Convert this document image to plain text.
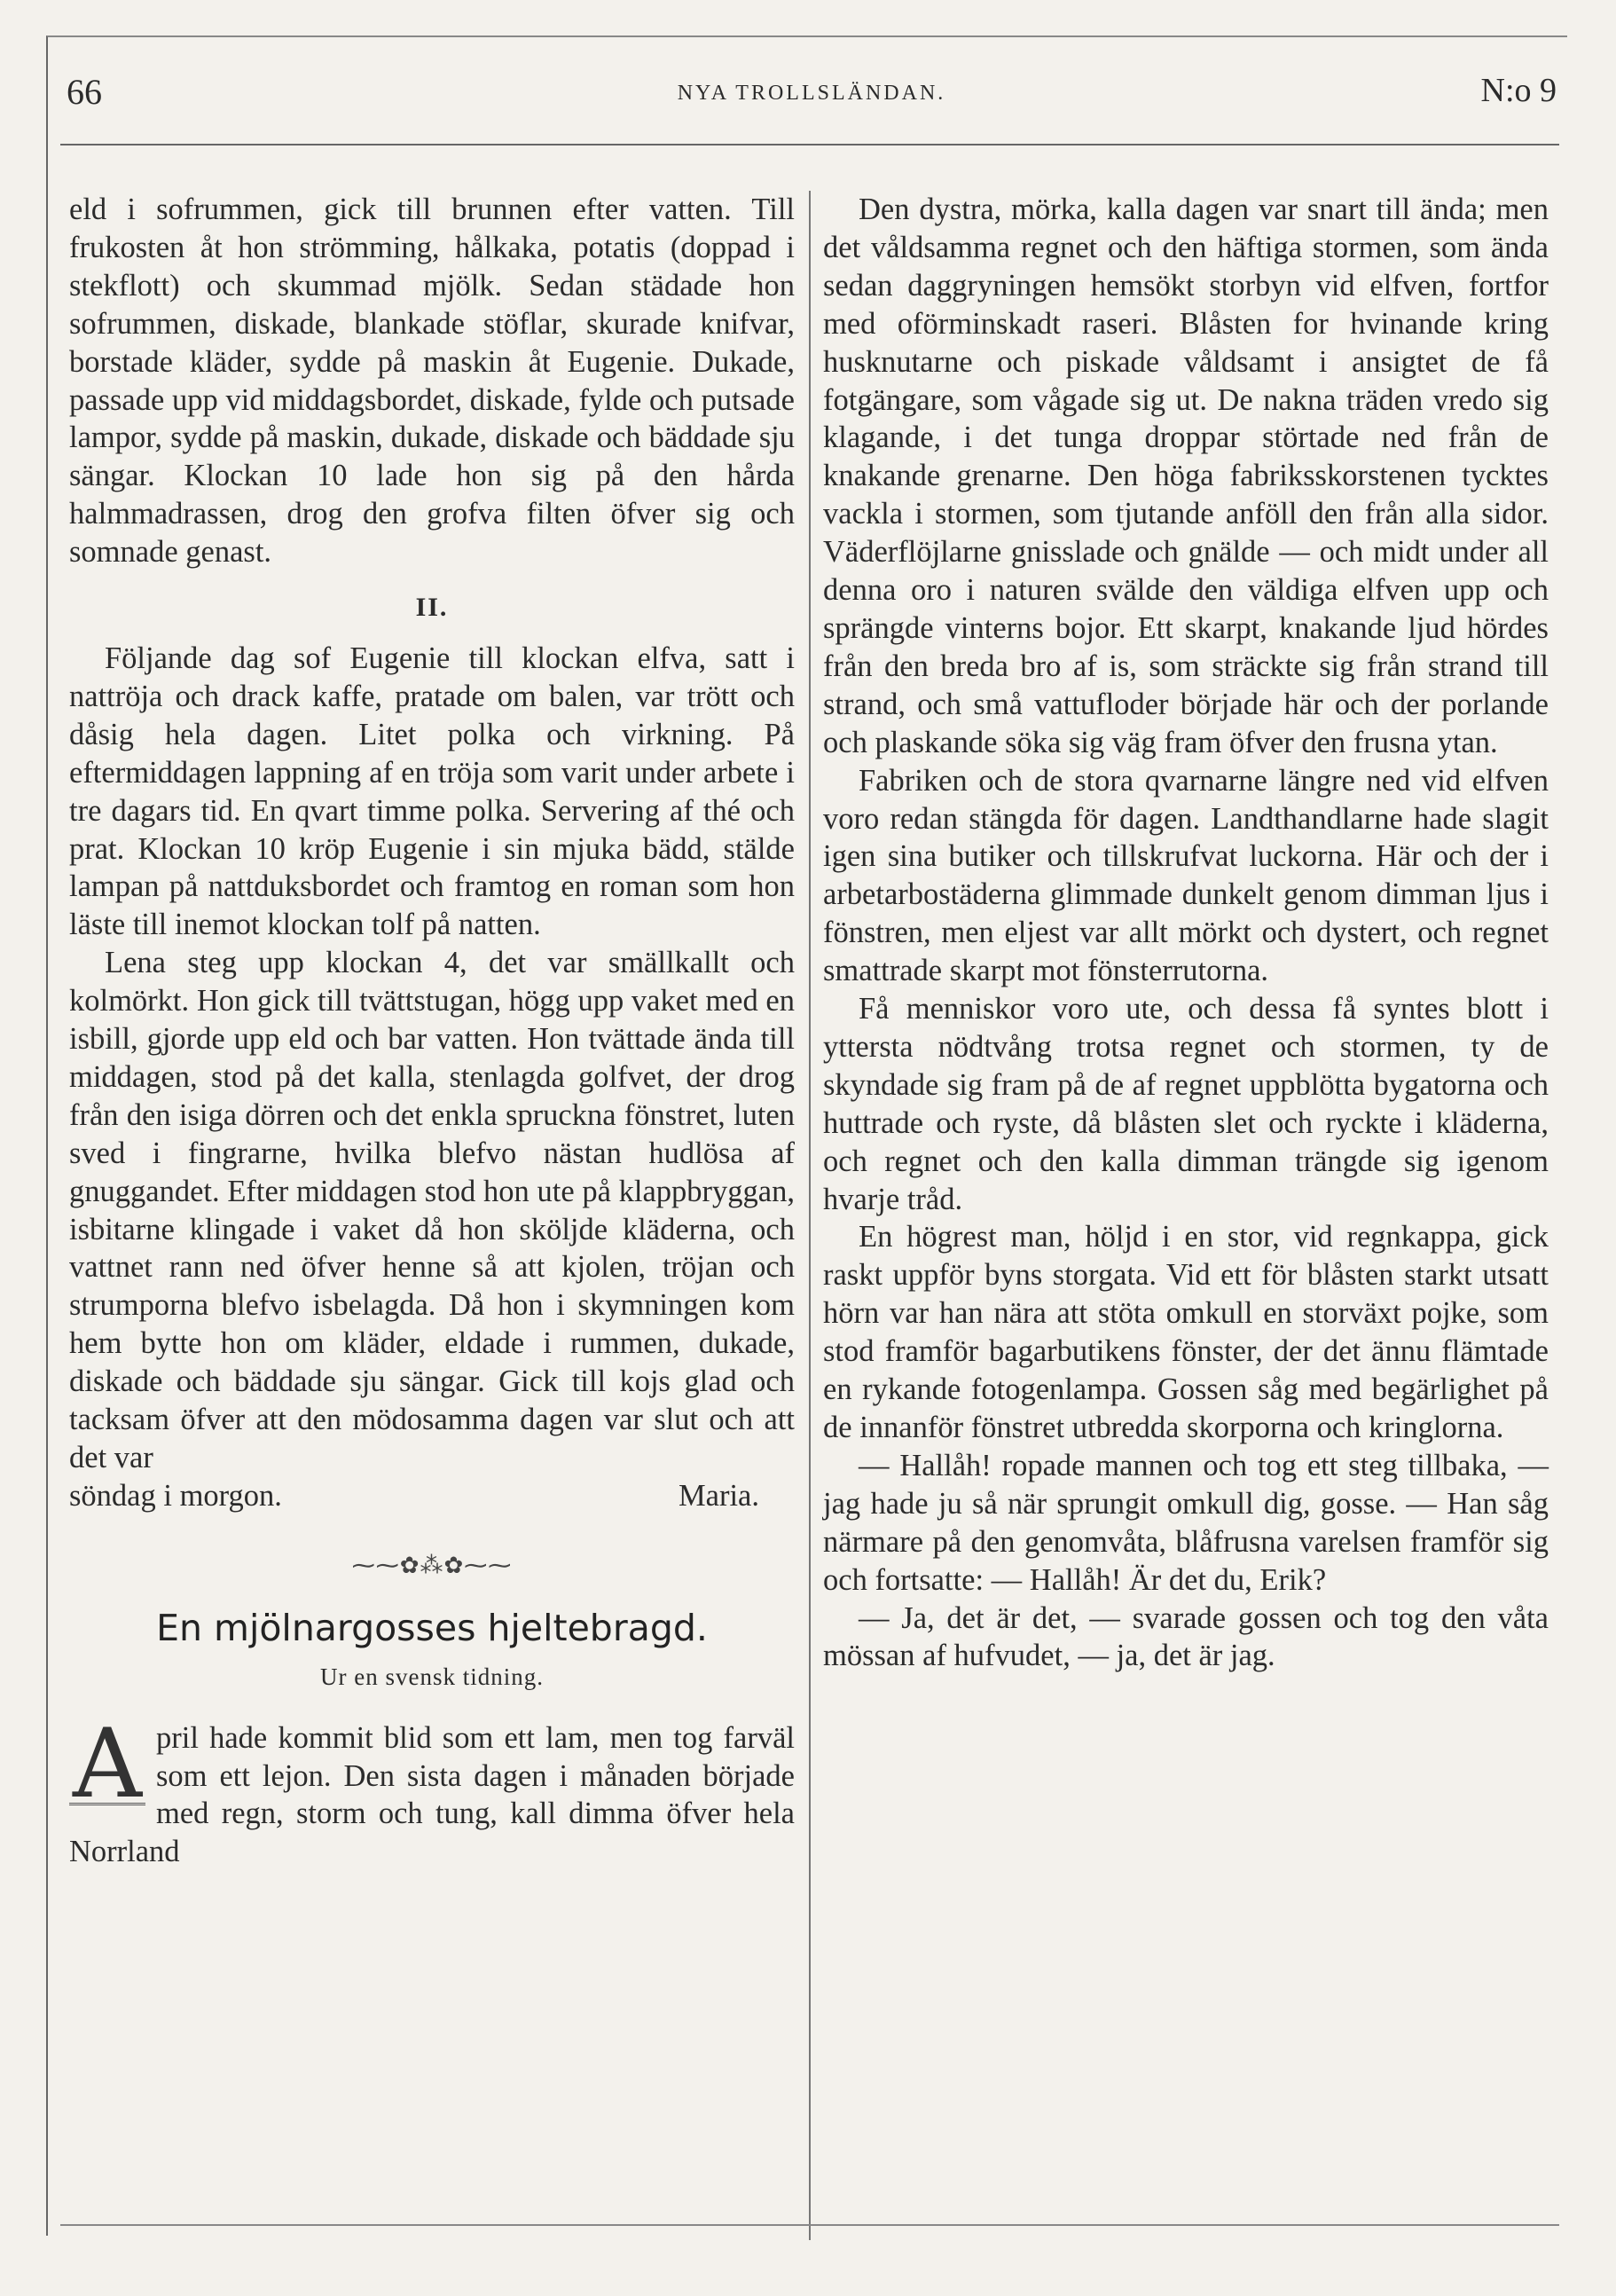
66	NYA TROLLSLÄNDAN.	N:o 9

eld i sofrummen, gick till brunnen efter vatten. Till frukosten åt hon strömming, hålkaka, potatis (doppad i stekflott) och skummad mjölk. Sedan städade hon sofrummen, diskade, blankade stöflar, skurade knifvar, borstade kläder, sydde på maskin åt Eugenie. Dukade, passade upp vid middagsbordet, diskade, fylde och putsade lampor, sydde på maskin, dukade, diskade och bäddade sju sängar. Klockan 10 lade hon sig på den hårda halmmadrassen, drog den grofva filten öfver sig och somnade genast.

II.

Följande dag sof Eugenie till klockan elfva, satt i nattröja och drack kaffe, pratade om balen, var trött och dåsig hela dagen. Litet polka och virkning. På eftermiddagen lappning af en tröja som varit under arbete i tre dagars tid. En qvart timme polka. Servering af thé och prat. Klockan 10 kröp Eugenie i sin mjuka bädd, stälde lampan på nattduksbordet och framtog en roman som hon läste till inemot klockan tolf på natten.

Lena steg upp klockan 4, det var smällkallt och kolmörkt. Hon gick till tvättstugan, högg upp vaket med en isbill, gjorde upp eld och bar vatten. Hon tvättade ända till middagen, stod på det kalla, stenlagda golfvet, der drog från den isiga dörren och det enkla spruckna fönstret, luten sved i fingrarne, hvilka blefvo nästan hudlösa af gnuggandet. Efter middagen stod hon ute på klappbryggan, isbitarne klingade i vaket då hon sköljde kläderna, och vattnet rann ned öfver henne så att kjolen, tröjan och strumporna blefvo isbelagda. Då hon i skymningen kom hem bytte hon om kläder, eldade i rummen, dukade, diskade och bäddade sju sängar. Gick till kojs glad och tacksam öfver att den mödosamma dagen var slut och att det var

söndag i morgon.	Maria.
⁓⁓✿⁂✿⁓⁓
En mjölnargosses hjeltebragd.
Ur en svensk tidning.
A pril hade kommit blid som ett lam, men tog farväl som ett lejon. Den sista dagen i månaden började med regn, storm och tung, kall dimma öfver hela Norrland

Den dystra, mörka, kalla dagen var snart till ända; men det våldsamma regnet och den häftiga stormen, som ända sedan daggryningen hemsökt storbyn vid elfven, fortfor med oförminskadt raseri. Blåsten for hvinande kring husknutarne och piskade våldsamt i ansigtet de få fotgängare, som vågade sig ut. De nakna träden vredo sig klagande, i det tunga droppar störtade ned från de knakande grenarne. Den höga fabriksskorstenen tycktes vackla i stormen, som tjutande anföll den från alla sidor. Väderflöjlarne gnisslade och gnälde — och midt under all denna oro i naturen svälde den väldiga elfven upp och sprängde vinterns bojor. Ett skarpt, knakande ljud hördes från den breda bro af is, som sträckte sig från strand till strand, och små vattufloder började här och der porlande och plaskande söka sig väg fram öfver den frusna ytan.

Fabriken och de stora qvarnarne längre ned vid elfven voro redan stängda för dagen. Landthandlarne hade slagit igen sina butiker och tillskrufvat luckorna. Här och der i arbetarbostäderna glimmade dunkelt genom dimman ljus i fönstren, men eljest var allt mörkt och dystert, och regnet smattrade skarpt mot fönsterrutorna.

Få menniskor voro ute, och dessa få syntes blott i yttersta nödtvång trotsa regnet och stormen, ty de skyndade sig fram på de af regnet uppblötta bygatorna och huttrade och ryste, då blåsten slet och ryckte i kläderna, och regnet och den kalla dimman trängde sig igenom hvarje tråd.

En högrest man, höljd i en stor, vid regnkappa, gick raskt uppför byns storgata. Vid ett för blåsten starkt utsatt hörn var han nära att stöta omkull en storväxt pojke, som stod framför bagarbutikens fönster, der det ännu flämtade en rykande fotogenlampa. Gossen såg med begärlighet på de innanför fönstret utbredda skorporna och kringlorna.

— Hallåh! ropade mannen och tog ett steg tillbaka, — jag hade ju så när sprungit omkull dig, gosse. — Han såg närmare på den genomvåta, blåfrusna varelsen framför sig och fortsatte: — Hallåh! Är det du, Erik?

— Ja, det är det, — svarade gossen och tog den våta mössan af hufvudet, — ja, det är jag.
